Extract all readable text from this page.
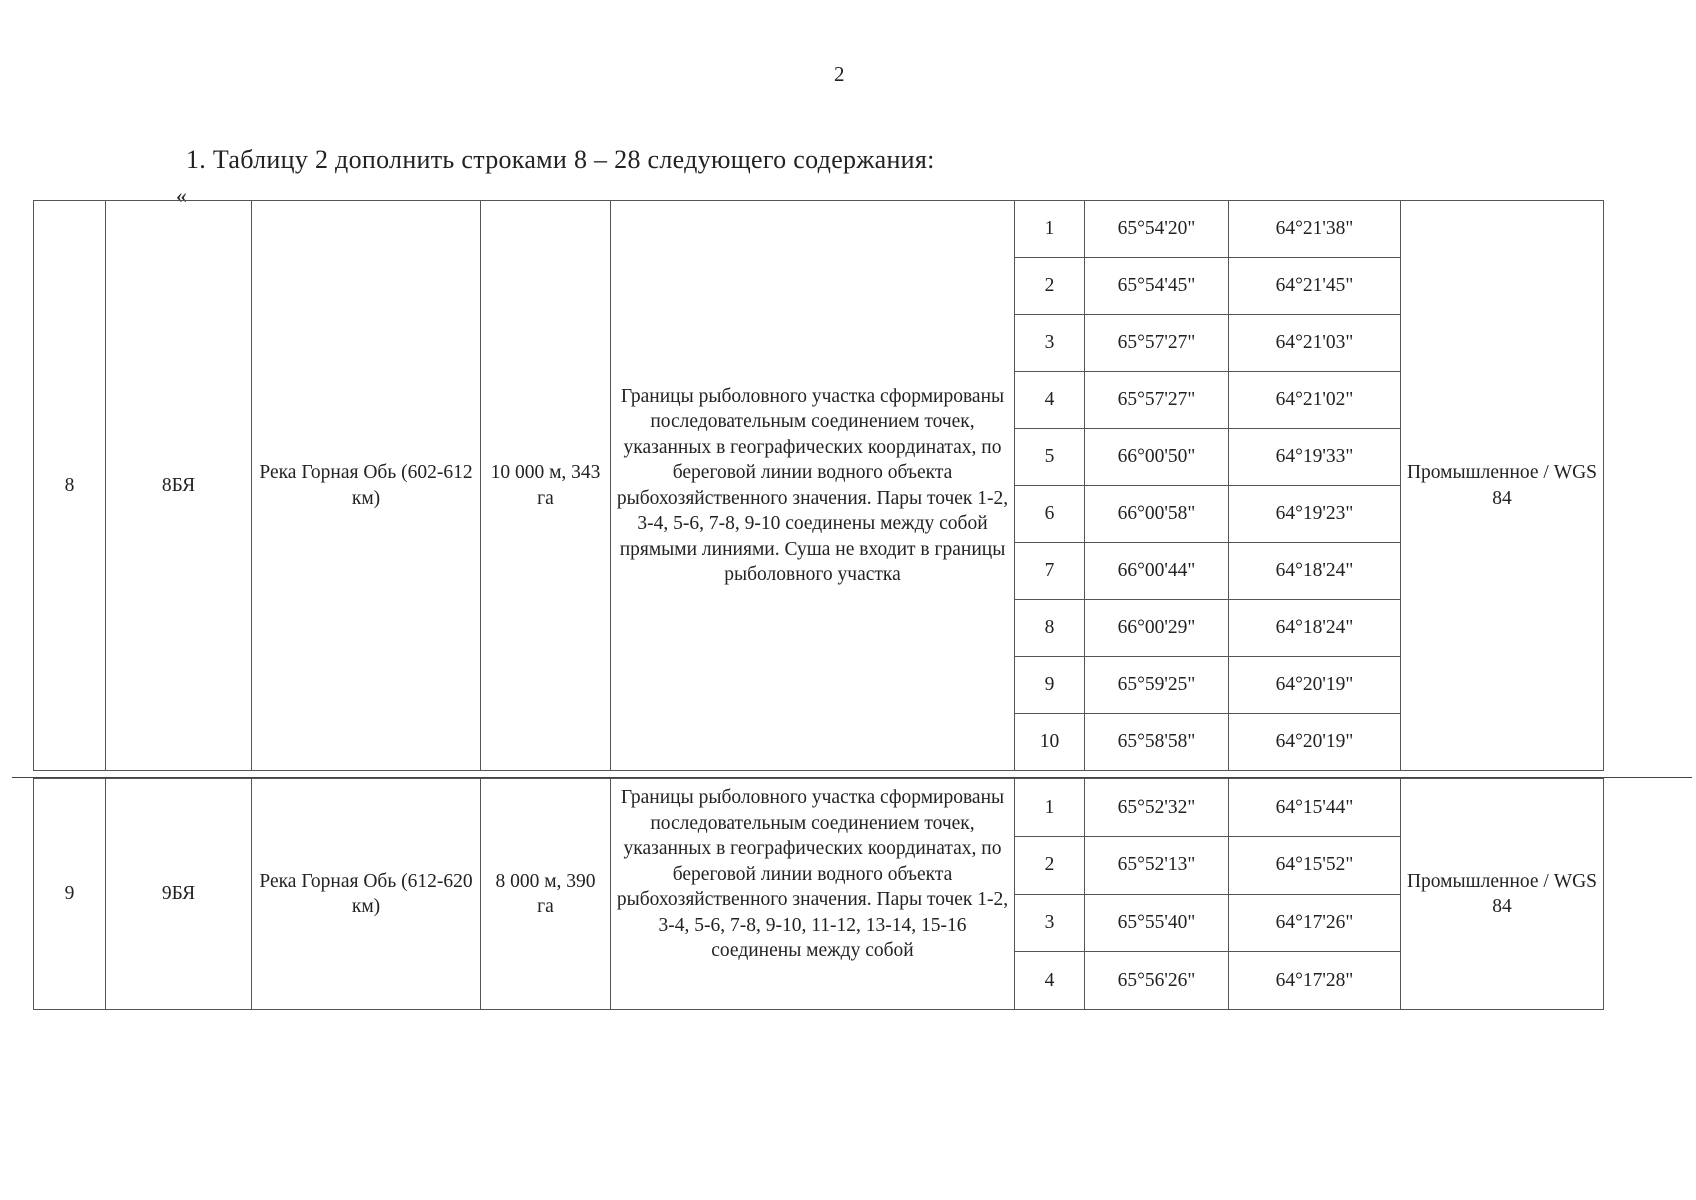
2
1. Таблицу 2 дополнить строками 8 – 28 следующего содержания:
«
8	8БЯ	Река Горная Обь (602-612 км)	10 000 м, 343 га	Границы рыболовного участка сформированы последовательным соединением точек, указанных в географических координатах, по береговой линии водного объекта рыбохозяйственного значения. Пары точек 1-2, 3-4, 5-6, 7-8, 9-10 соединены между собой прямыми линиями. Суша не входит в границы рыболовного участка	1	65°54'20"	64°21'38"	Промышленное / WGS 84
					2	65°54'45"	64°21'45"	
					3	65°57'27"	64°21'03"	
					4	65°57'27"	64°21'02"	
					5	66°00'50"	64°19'33"	
					6	66°00'58"	64°19'23"	
					7	66°00'44"	64°18'24"	
					8	66°00'29"	64°18'24"	
					9	65°59'25"	64°20'19"	
					10	65°58'58"	64°20'19"	
9	9БЯ	Река Горная Обь (612-620 км)	8 000 м, 390 га	Границы рыболовного участка сформированы последовательным соединением точек, указанных в географических координатах, по береговой линии водного объекта рыбохозяйственного значения. Пары точек 1-2, 3-4, 5-6, 7-8, 9-10, 11-12, 13-14, 15-16 соединены между собой	1	65°52'32"	64°15'44"	Промышленное / WGS 84
					2	65°52'13"	64°15'52"	
					3	65°55'40"	64°17'26"	
					4	65°56'26"	64°17'28"	
